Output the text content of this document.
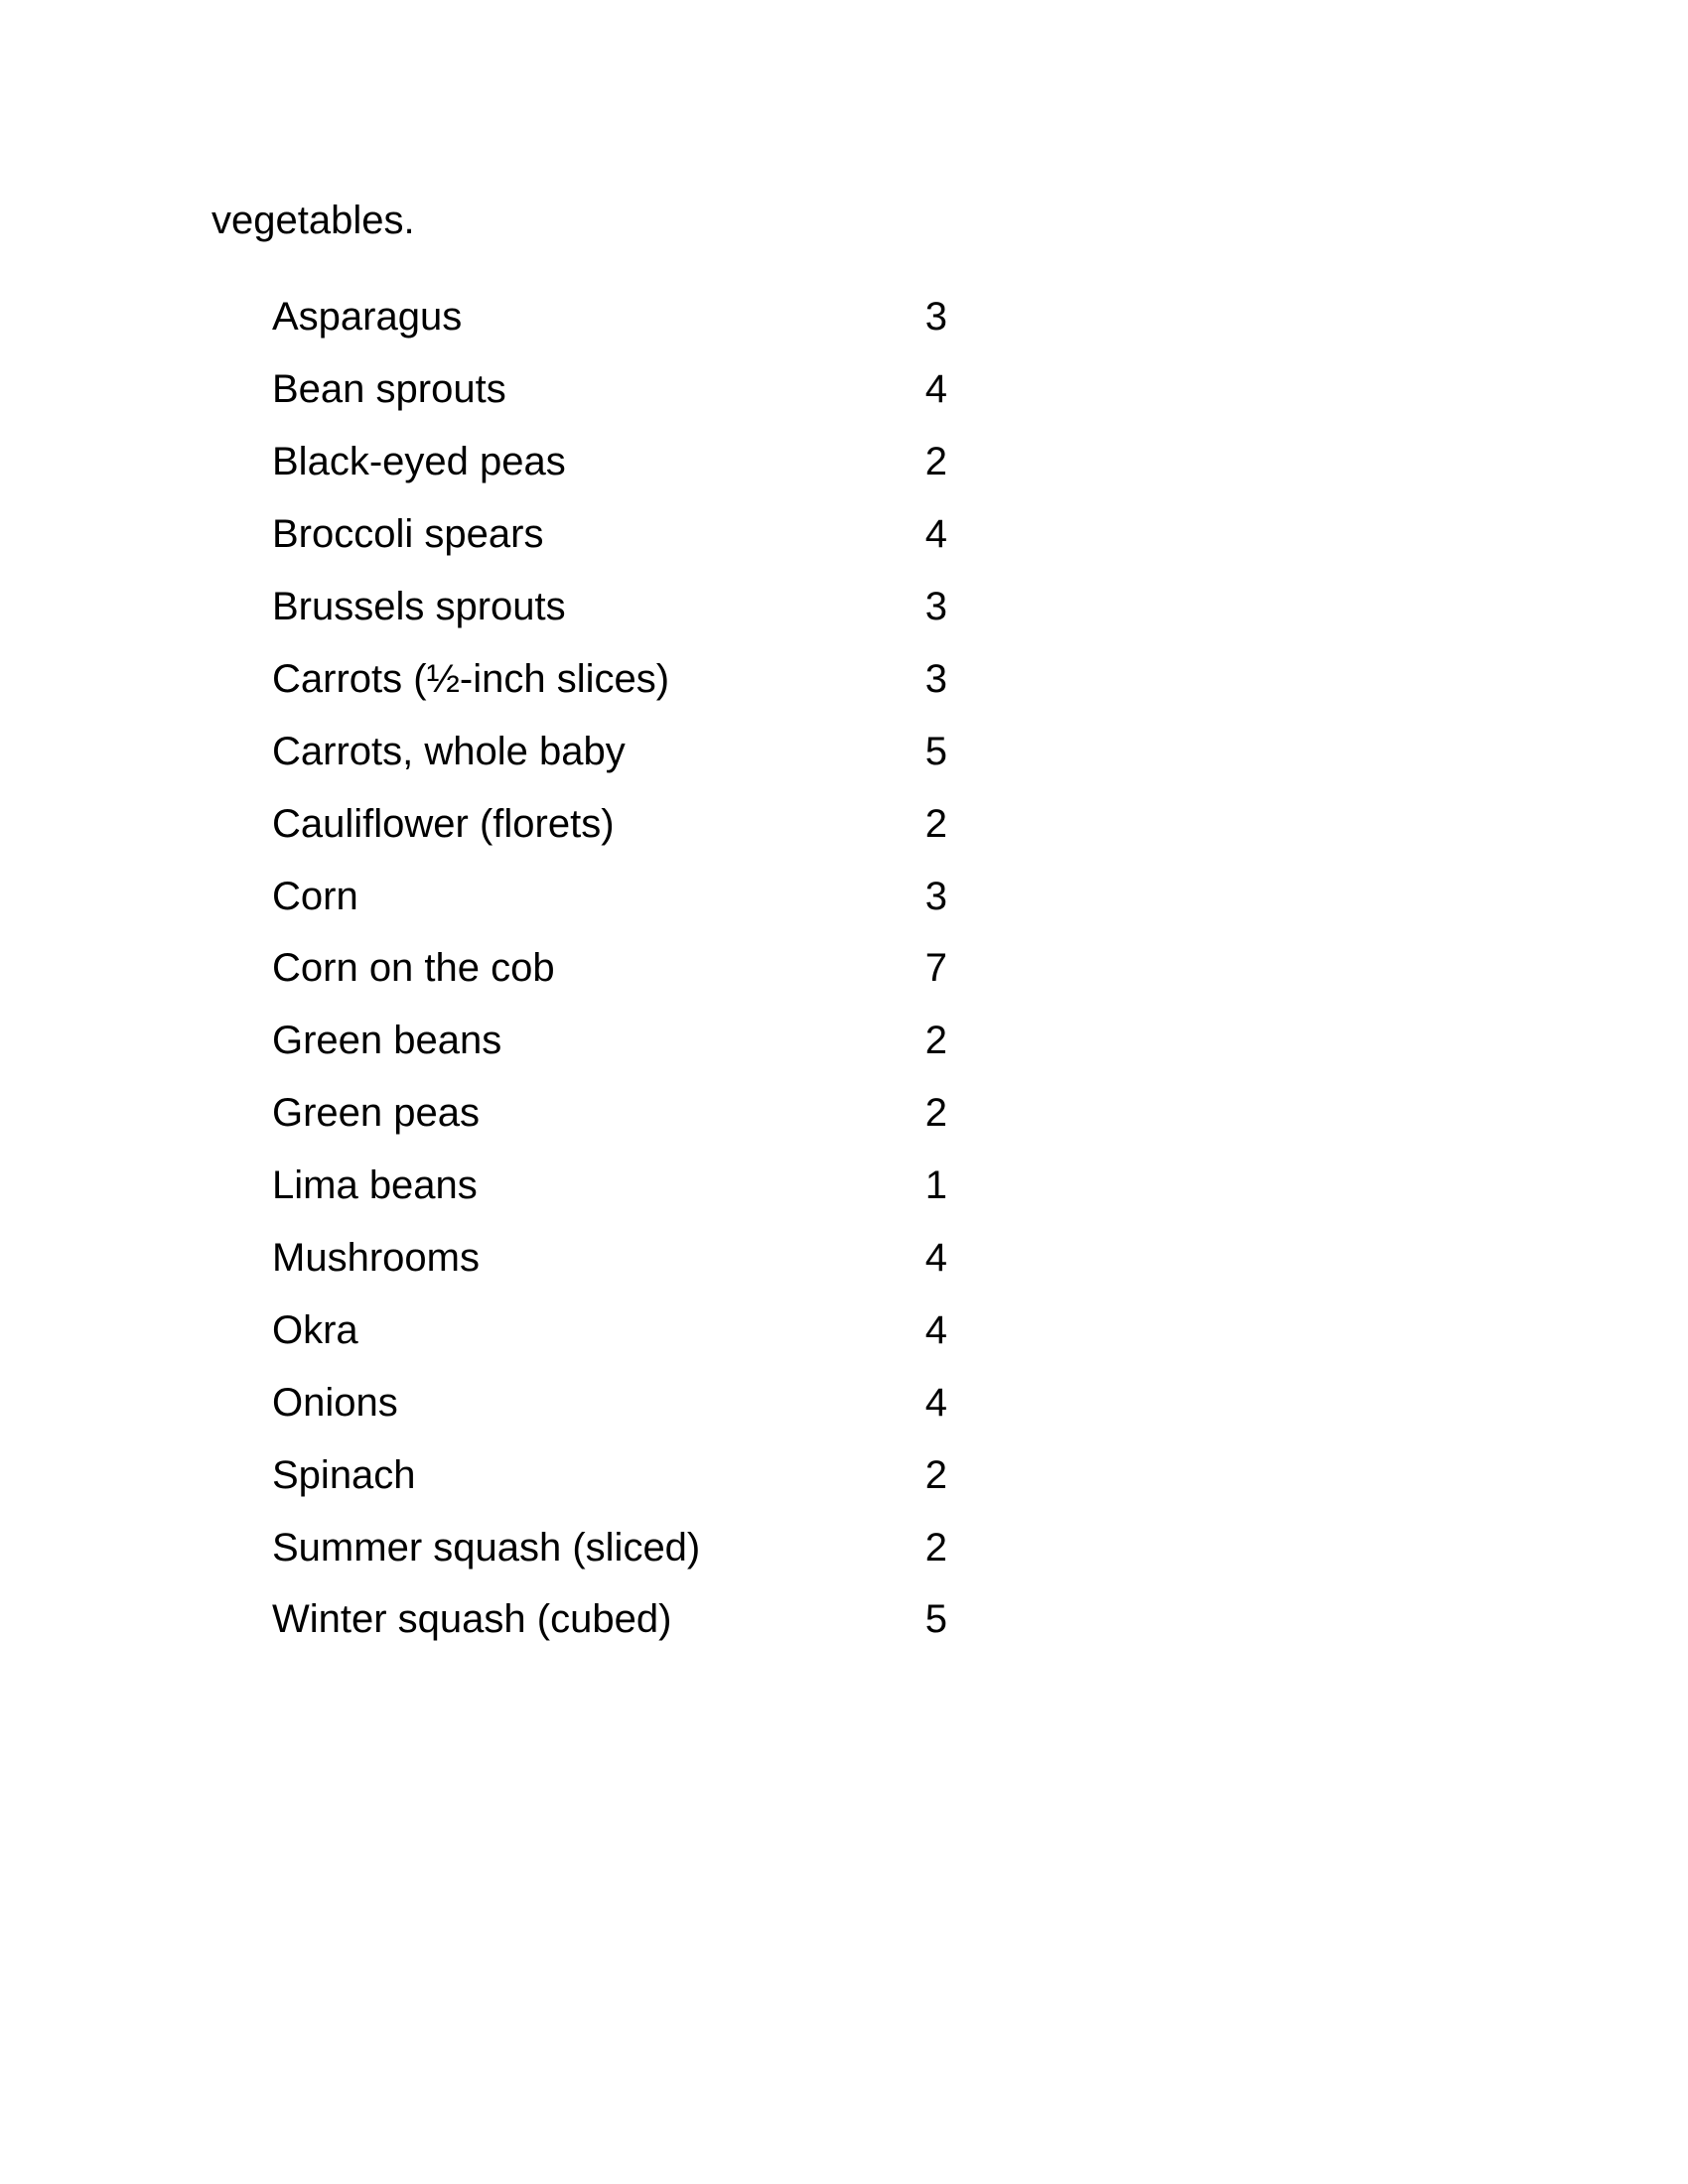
vegetables.

Asparagus	3
Bean sprouts	4
Black-eyed peas	2
Broccoli spears	4
Brussels sprouts	3
Carrots (½-inch slices)	3
Carrots, whole baby	5
Cauliflower (florets)	2
Corn	3
Corn on the cob	7
Green beans	2
Green peas	2
Lima beans	1
Mushrooms	4
Okra	4
Onions	4
Spinach	2
Summer squash (sliced)	2
Winter squash (cubed)	5
